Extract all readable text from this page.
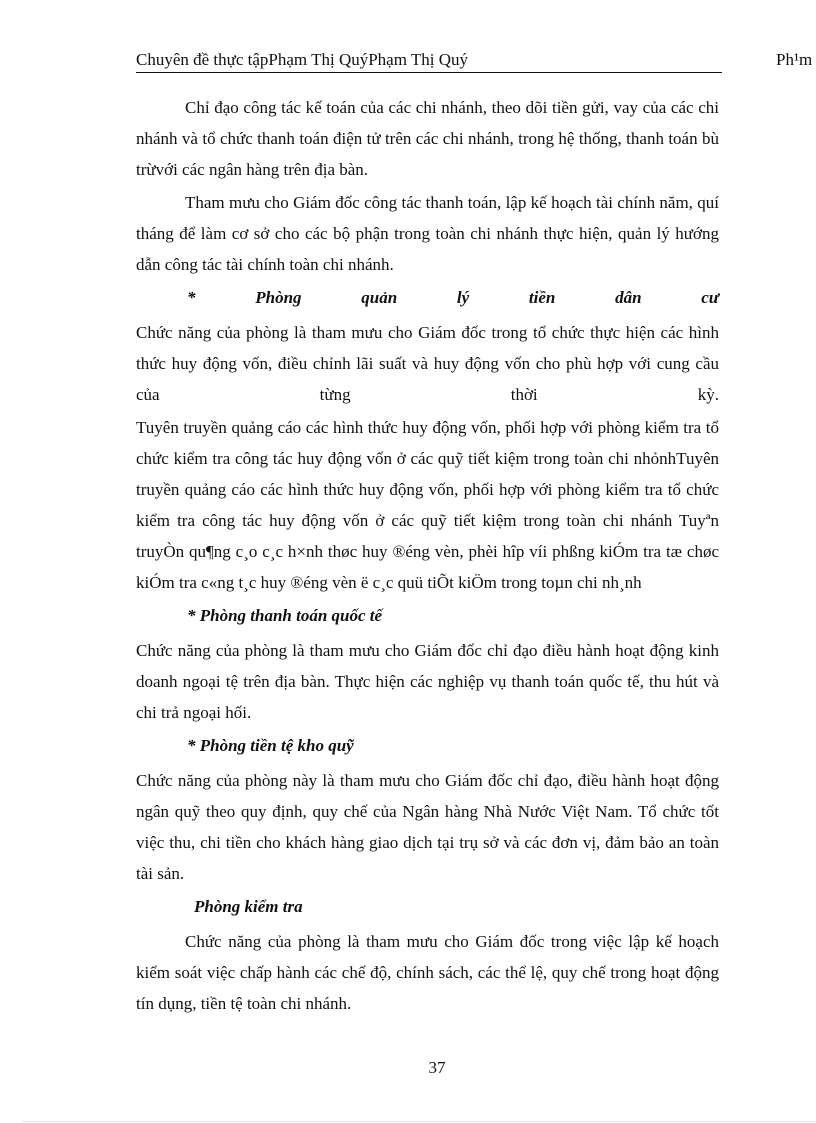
Chuyên đề thực tậpPhạm Thị QuýPhạm Thị Quý	Ph¹m

Chỉ đạo công tác kế toán của các chi nhánh, theo dõi tiền gửi, vay của các chi nhánh và tổ chức thanh toán điện tử trên các chi nhánh, trong hệ thống, thanh toán bù trừvới các ngân hàng trên địa bàn.

Tham mưu cho Giám đốc công tác thanh toán, lập kế hoạch tài chính năm, quí tháng để làm cơ sở cho các bộ phận trong toàn chi nhánh thực hiện, quản lý hướng dẫn công tác tài chính toàn chi nhánh.

* Phòng quản lý tiền dân cư

Chức năng của phòng là tham mưu cho Giám đốc trong tổ chức thực hiện các hình thức huy động vốn, điều chỉnh lãi suất và huy động vốn cho phù hợp với cung cầu của từng thời kỳ.

Tuyên truyền quảng cáo các hình thức huy động vốn, phối hợp với phòng kiểm tra tổ chức kiểm tra công tác huy động vốn ở các quỹ tiết kiệm trong toàn chi nhỏnhTuyên truyền quảng cáo các hình thức huy động vốn, phối hợp với phòng kiểm tra tổ chức kiểm tra công tác huy động vốn ở các quỹ tiết kiệm trong toàn chi nhánh Tuyªn truyÒn qu¶ng c¸o c¸c h×nh thøc huy ®éng vèn, phèi hîp víi phßng kiÓm tra tæ chøc kiÓm tra c«ng t¸c huy ®éng vèn ë c¸c quü tiÕt kiÖm trong toµn chi nh¸nh

* Phòng thanh toán quốc tế

Chức năng của phòng là tham mưu cho Giám đốc chỉ đạo điều hành hoạt động kinh doanh ngoại tệ trên địa bàn. Thực hiện các nghiệp vụ thanh toán quốc tế, thu hút và chi trả ngoại hối.

* Phòng tiền tệ kho quỹ

Chức năng của phòng này là tham mưu cho Giám đốc chỉ đạo, điều hành hoạt động ngân quỹ theo quy định, quy chế của Ngân hàng Nhà Nước Việt Nam. Tổ chức tốt việc thu, chi tiền cho khách hàng giao dịch tại trụ sở và các đơn vị, đảm bảo an toàn tài sản.

Phòng kiểm tra

Chức năng của phòng là tham mưu cho Giám đốc trong việc lập kế hoạch kiểm soát việc chấp hành các chế độ, chính sách, các thể lệ, quy chế trong hoạt động tín dụng, tiền tệ toàn chi nhánh.

37
